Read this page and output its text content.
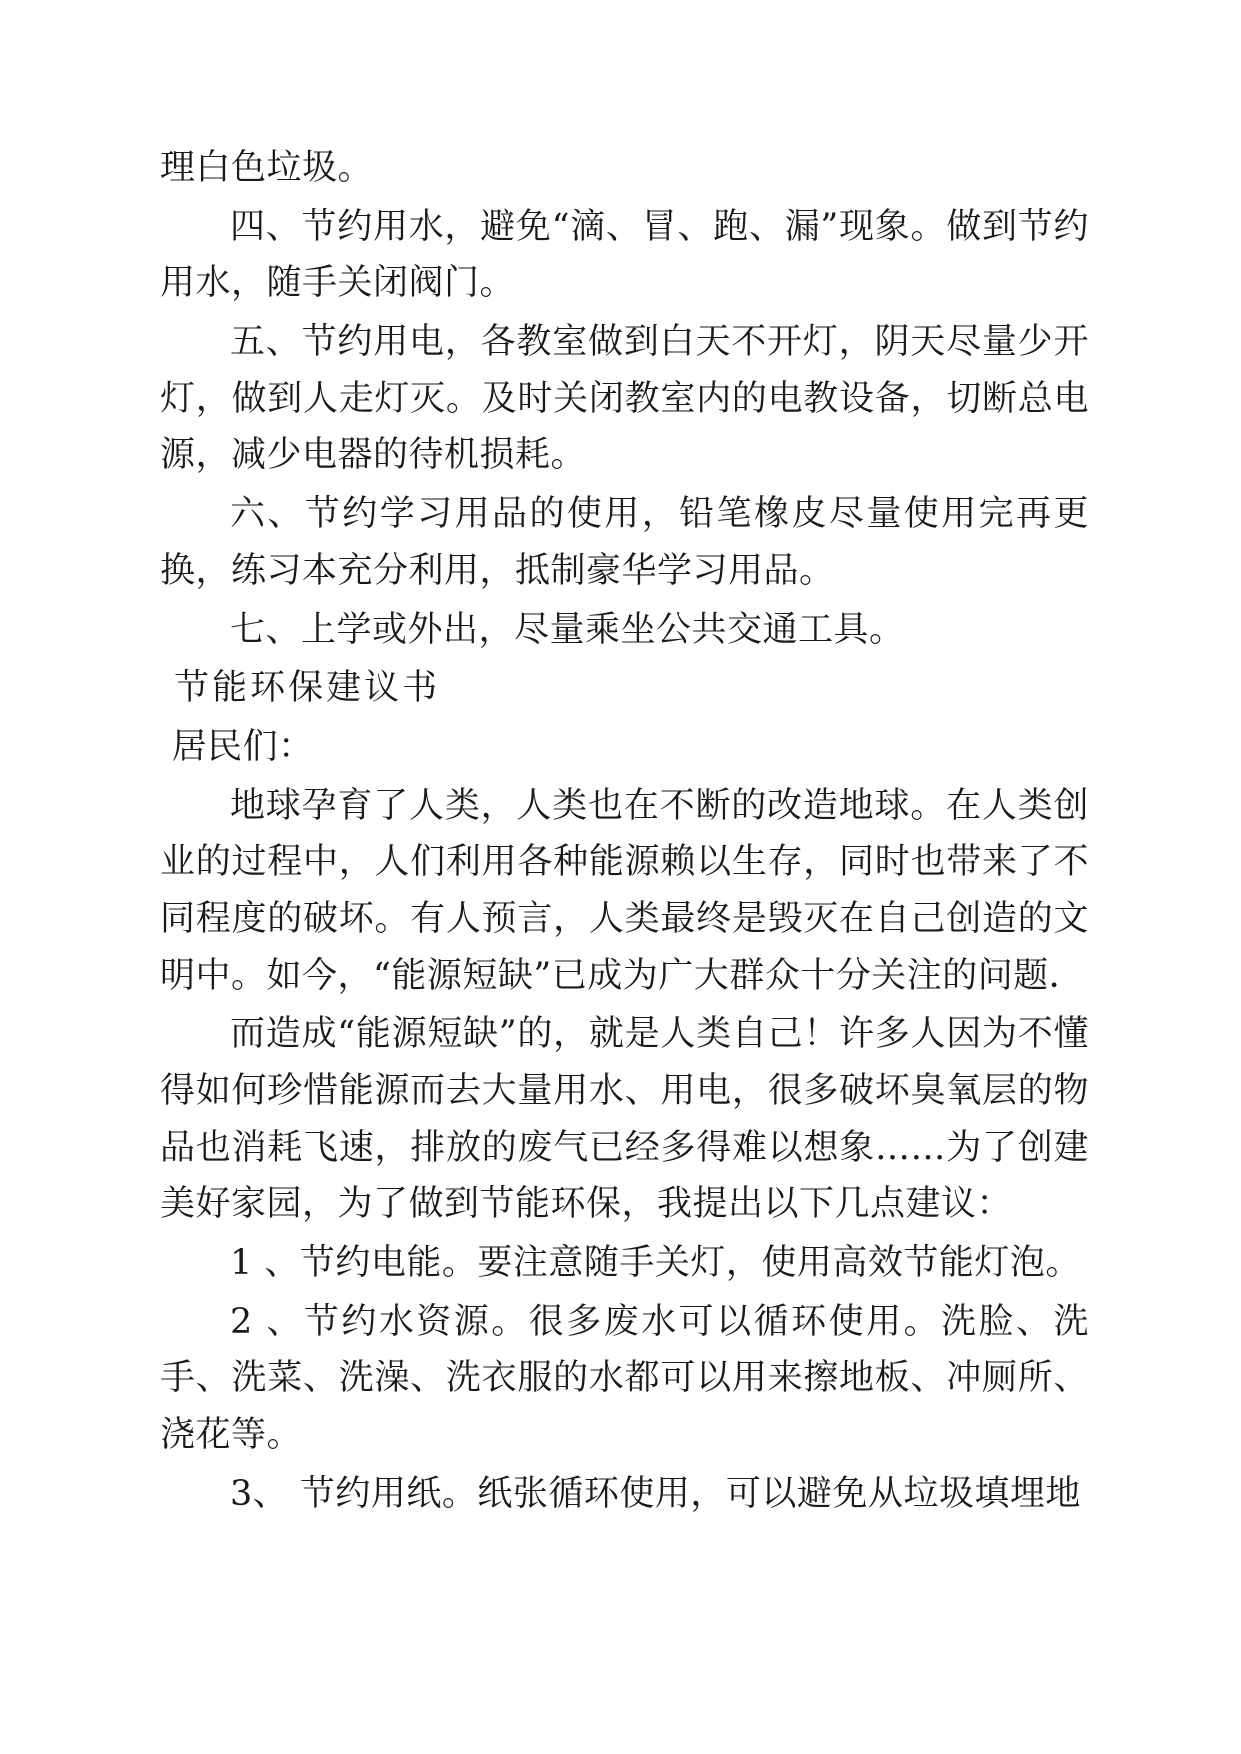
理白色垃圾。

四、节约用水，避免“滴、冒、跑、漏”现象。做到节约用水，随手关闭阀门。

五、节约用电，各教室做到白天不开灯，阴天尽量少开灯，做到人走灯灭。及时关闭教室内的电教设备，切断总电源，减少电器的待机损耗。

六、节约学习用品的使用，铅笔橡皮尽量使用完再更换，练习本充分利用，抵制豪华学习用品。

七、上学或外出，尽量乘坐公共交通工具。

节能环保建议书

居民们：

地球孕育了人类，人类也在不断的改造地球。在人类创业的过程中，人们利用各种能源赖以生存，同时也带来了不同程度的破坏。有人预言，人类最终是毁灭在自己创造的文明中。如今，“能源短缺”已成为广大群众十分关注的问题．

而造成“能源短缺”的，就是人类自己！许多人因为不懂得如何珍惜能源而去大量用水、用电，很多破坏臭氧层的物品也消耗飞速，排放的废气已经多得难以想象……为了创建美好家园，为了做到节能环保，我提出以下几点建议：

1 、节约电能。要注意随手关灯，使用高效节能灯泡。

2 、节约水资源。很多废水可以循环使用。洗脸、洗手、洗菜、洗澡、洗衣服的水都可以用来擦地板、冲厕所、浇花等。

3、 节约用纸。纸张循环使用，可以避免从垃圾填埋地
